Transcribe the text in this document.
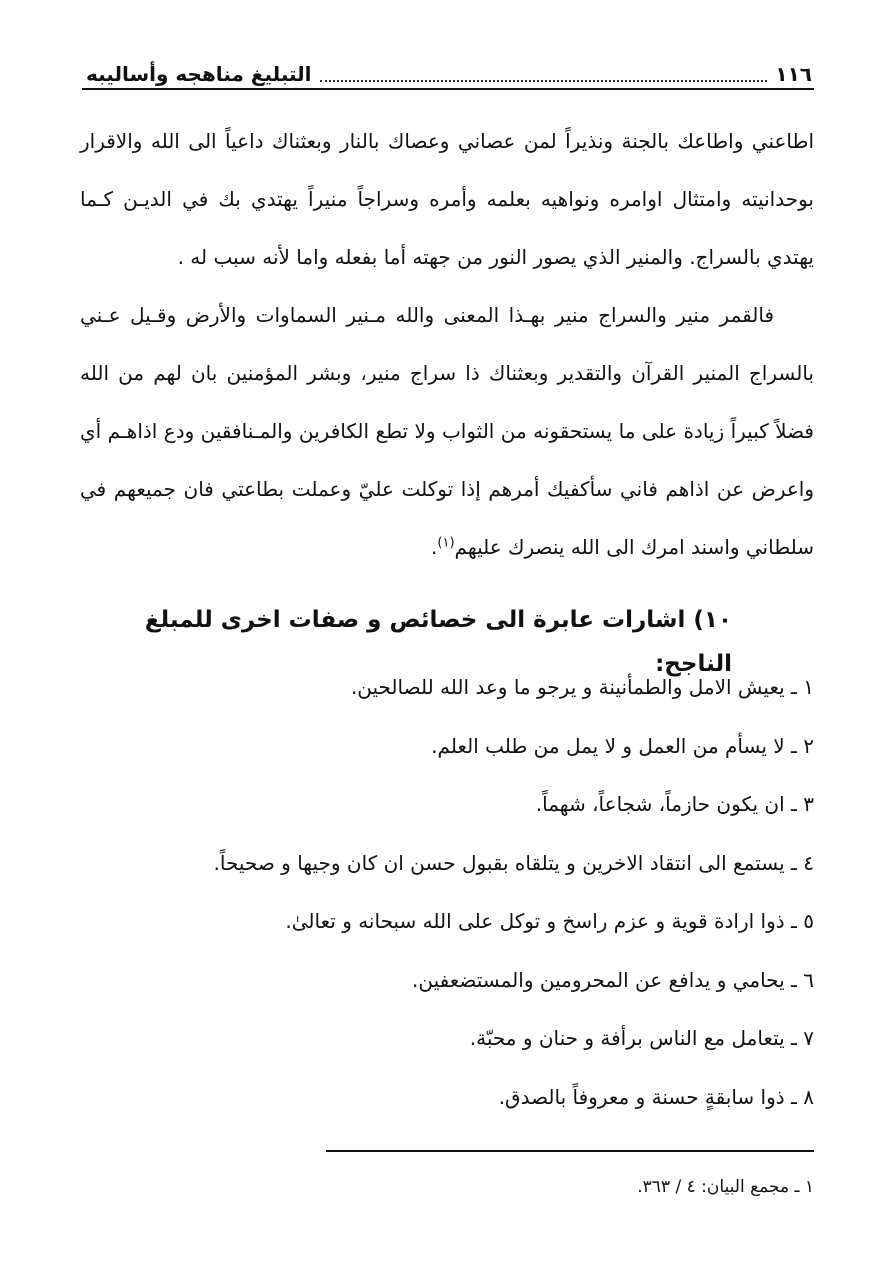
١١٦
التبليغ مناهجه وأساليبه

اطاعني واطاعك بالجنة ونذيراً لمن عصاني وعصاك بالنار وبعثناك داعياً الى الله والاقرار بوحدانيته وامتثال اوامره ونواهيه بعلمه وأمره وسراجاً منيراً يهتدي بك في الديـن كـما يهتدي بالسراج. والمنير الذي يصور النور من جهته أما بفعله واما لأنه سبب له .

فالقمر منير والسراج منير بهـذا المعنى والله مـنير السماوات والأرض وقـيل عـني بالسراج المنير القرآن والتقدير وبعثناك ذا سراج منير، وبشر المؤمنين بان لهم من الله فضلاً كبيراً زيادة على ما يستحقونه من الثواب ولا تطع الكافرين والمـنافقين ودع اذاهـم أي واعرض عن اذاهم فاني سأكفيك أمرهم إذا توكلت عليّ وعملت بطاعتي فان جميعهم في سلطاني واسند امرك الى الله ينصرك عليهم$^{(١)}$.

١٠) اشارات عابرة الى خصائص و صفات اخرى للمبلغ الناجح:
١ ـ يعيش الامل والطمأنينة و يرجو ما وعد الله للصالحين.
٢ ـ لا يسأم من العمل و لا يمل من طلب العلم.
٣ ـ ان يكون حازماً، شجاعاً، شهماً.
٤ ـ يستمع الى انتقاد الاخرين و يتلقاه بقبول حسن ان كان وجيها و صحيحاً.
٥ ـ ذوا ارادة قوية و عزم راسخ و توكل على الله سبحانه و تعالىٰ.
٦ ـ يحامي و يدافع عن المحرومين والمستضعفين.
٧ ـ يتعامل مع الناس برأفة و حنان و محبّة.
٨ ـ ذوا سابقةٍ حسنة و معروفاً بالصدق.
١ ـ مجمع البيان: ٤ / ٣٦٣.
